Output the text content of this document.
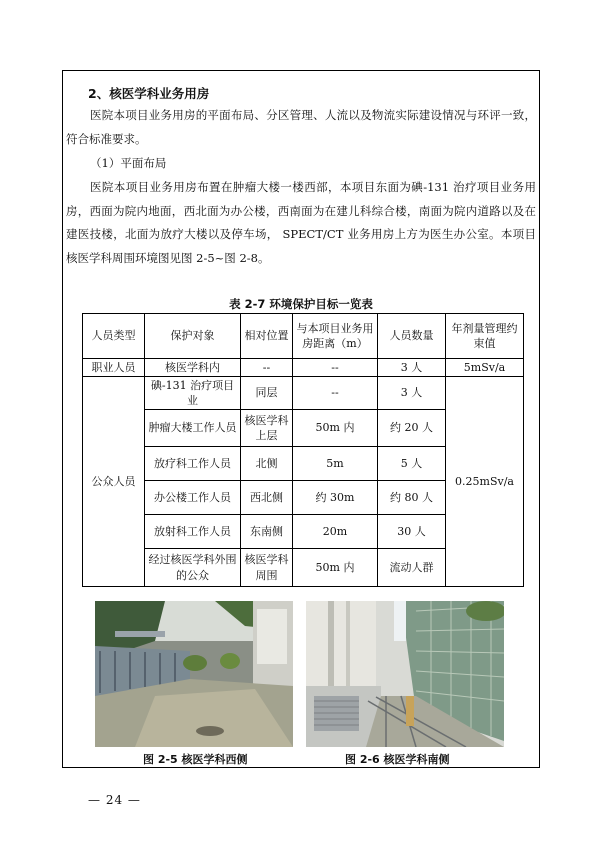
2、核医学科业务用房

医院本项目业务用房的平面布局、分区管理、人流以及物流实际建设情况与环评一致，符合标准要求。

（1）平面布局

医院本项目业务用房布置在肿瘤大楼一楼西部，本项目东面为碘-131 治疗项目业务用房，西面为院内地面，西北面为办公楼，西南面为在建儿科综合楼，南面为院内道路以及在建医技楼，北面为放疗大楼以及停车场， SPECT/CT 业务用房上方为医生办公室。本项目核医学科周围环境图见图 2-5~图 2-8。

表 2-7 环境保护目标一览表
人员类型	保护对象	相对位置	与本项目业务用房距离（m）	人员数量	年剂量管理约束值
职业人员	核医学科内	--	--	3 人	5mSv/a
公众人员	碘-131 治疗项目业	同层	--	3 人	0.25mSv/a
	肿瘤大楼工作人员	核医学科上层	50m 内	约 20 人	
	放疗科工作人员	北侧	5m	5 人	
	办公楼工作人员	西北侧	约 30m	约 80 人	
	放射科工作人员	东南侧	20m	30 人	
	经过核医学科外围的公众	核医学科周围	50m 内	流动人群	
图 2-5 核医学科西侧	图 2-6 核医学科南侧
— 24 —
